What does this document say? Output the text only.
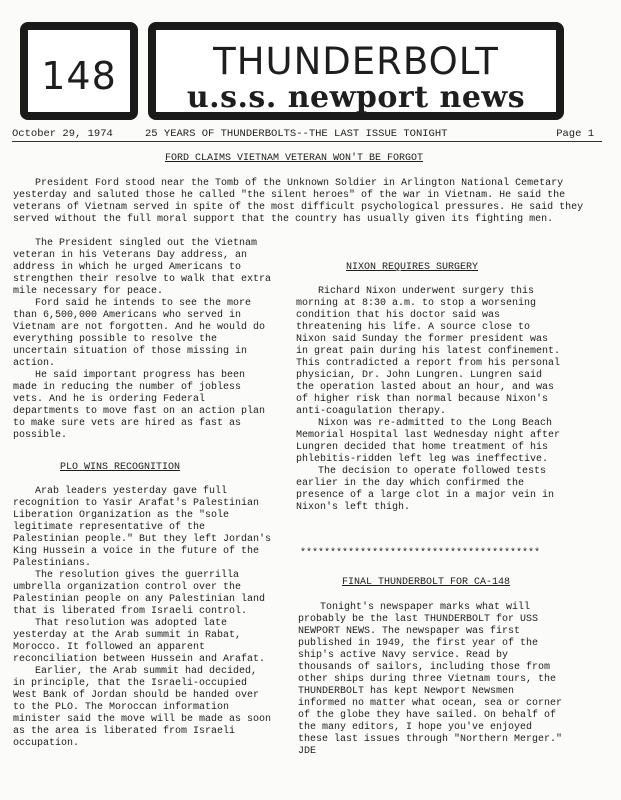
148	THUNDERBOLT
u.s.s. newport news
October 29, 1974	25 YEARS OF THUNDERBOLTS--THE LAST ISSUE TONIGHT	Page 1
FORD CLAIMS VIETNAM VETERAN WON'T BE FORGOT

President Ford stood near the Tomb of the Unknown Soldier in Arlington National Cemetary yesterday and saluted those he called "the silent heroes" of the war in Vietnam. He said the veterans of Vietnam served in spite of the most difficult psychological pressures. He said they served without the full moral support that the country has usually given its fighting men.

The President singled out the Vietnam veteran in his Veterans Day address, an address in which he urged Americans to strengthen their resolve to walk that extra mile necessary for peace.

Ford said he intends to see the more than 6,500,000 Americans who served in Vietnam are not forgotten. And he would do everything possible to resolve the uncertain situation of those missing in action.

He said important progress has been made in reducing the number of jobless vets. And he is ordering Federal departments to move fast on an action plan to make sure vets are hired as fast as possible.

PLO WINS RECOGNITION

Arab leaders yesterday gave full recognition to Yasir Arafat's Palestinian Liberation Organization as the "sole legitimate representative of the Palestinian people." But they left Jordan's King Hussein a voice in the future of the Palestinians.

The resolution gives the guerrilla umbrella organization control over the Palestinian people on any Palestinian land that is liberated from Israeli control.

That resolution was adopted late yesterday at the Arab summit in Rabat, Morocco. It followed an apparent reconciliation between Hussein and Arafat.

Earlier, the Arab summit had decided, in principle, that the Israeli-occupied West Bank of Jordan should be handed over to the PLO. The Moroccan information minister said the move will be made as soon as the area is liberated from Israeli occupation.

NIXON REQUIRES SURGERY

Richard Nixon underwent surgery this morning at 8:30 a.m. to stop a worsening condition that his doctor said was threatening his life. A source close to Nixon said Sunday the former president was in great pain during his latest confinement. This contradicted a report from his personal physician, Dr. John Lungren. Lungren said the operation lasted about an hour, and was of higher risk than normal because Nixon's anti-coagulation therapy.

Nixon was re-admitted to the Long Beach Memorial Hospital last Wednesday night after Lungren decided that home treatment of his phlebitis-ridden left leg was ineffective.

The decision to operate followed tests earlier in the day which confirmed the presence of a large clot in a major vein in Nixon's left thigh.

****************************************
FINAL THUNDERBOLT FOR CA-148

Tonight's newspaper marks what will probably be the last THUNDERBOLT for USS NEWPORT NEWS. The newspaper was first published in 1949, the first year of the ship's active Navy service. Read by thousands of sailors, including those from other ships during three Vietnam tours, the THUNDERBOLT has kept Newport Newsmen informed no matter what ocean, sea or corner of the globe they have sailed. On behalf of the many editors, I hope you've enjoyed these last issues through "Northern Merger." JDE
